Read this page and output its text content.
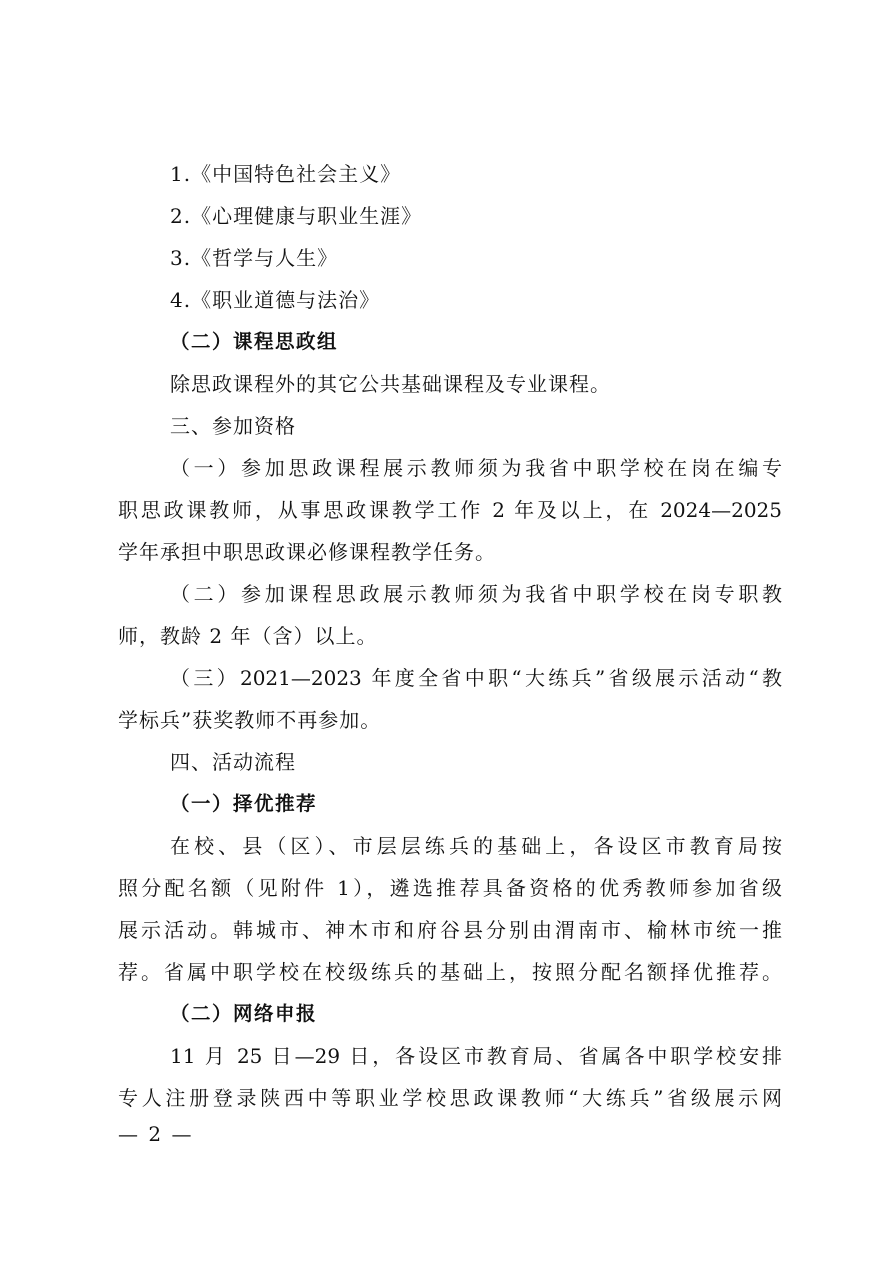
1.《中国特色社会主义》
2.《心理健康与职业生涯》
3.《哲学与人生》
4.《职业道德与法治》
（二）课程思政组
除思政课程外的其它公共基础课程及专业课程。
三、参加资格
（一）参加思政课程展示教师须为我省中职学校在岗在编专
职思政课教师，从事思政课教学工作 2 年及以上，在 2024—2025
学年承担中职思政课必修课程教学任务。
（二）参加课程思政展示教师须为我省中职学校在岗专职教
师，教龄 2 年（含）以上。
（三）2021—2023 年度全省中职“大练兵”省级展示活动“教
学标兵”获奖教师不再参加。
四、活动流程
（一）择优推荐
在校、县（区）、市层层练兵的基础上，各设区市教育局按
照分配名额（见附件 1），遴选推荐具备资格的优秀教师参加省级
展示活动。韩城市、神木市和府谷县分别由渭南市、榆林市统一推
荐。省属中职学校在校级练兵的基础上，按照分配名额择优推荐。
（二）网络申报
11 月 25 日—29 日，各设区市教育局、省属各中职学校安排
专人注册登录陕西中等职业学校思政课教师“大练兵”省级展示网
— 2 —
